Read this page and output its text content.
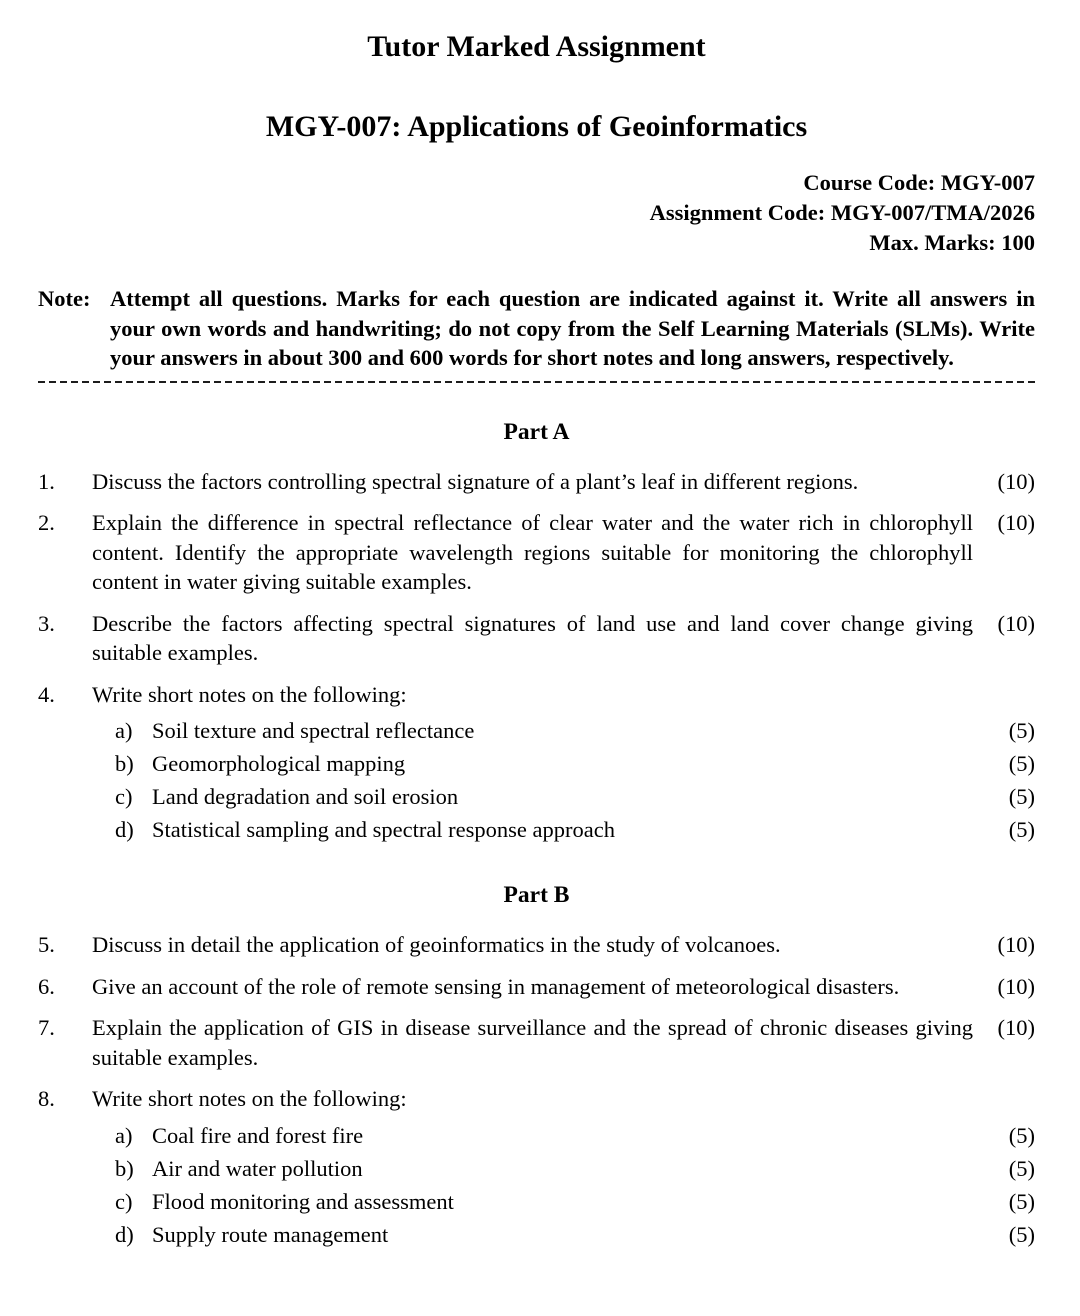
Tutor Marked Assignment
MGY-007: Applications of Geoinformatics
Course Code: MGY-007
Assignment Code: MGY-007/TMA/2026
Max. Marks: 100
Note: Attempt all questions. Marks for each question are indicated against it. Write all answers in your own words and handwriting; do not copy from the Self Learning Materials (SLMs). Write your answers in about 300 and 600 words for short notes and long answers, respectively.
Part A
1.	Discuss the factors controlling spectral signature of a plant’s leaf in different regions.	(10)
2.	Explain the difference in spectral reflectance of clear water and the water rich in chlorophyll content. Identify the appropriate wavelength regions suitable for monitoring the chlorophyll content in water giving suitable examples.
(10)
3.	Describe the factors affecting spectral signatures of land use and land cover change giving suitable examples.
(10)
4.	Write short notes on the following:
a) Soil texture and spectral reflectance	(5)
b) Geomorphological mapping	(5)
c) Land degradation and soil erosion	(5)
d) Statistical sampling and spectral response approach	(5)
Part B
5.	Discuss in detail the application of geoinformatics in the study of volcanoes.	(10)
6.	Give an account of the role of remote sensing in management of meteorological disasters.	(10)
7.	Explain the application of GIS in disease surveillance and the spread of chronic diseases giving suitable examples.
(10)
8.	Write short notes on the following:
a) Coal fire and forest fire	(5)
b) Air and water pollution	(5)
c) Flood monitoring and assessment	(5)
d) Supply route management	(5)
